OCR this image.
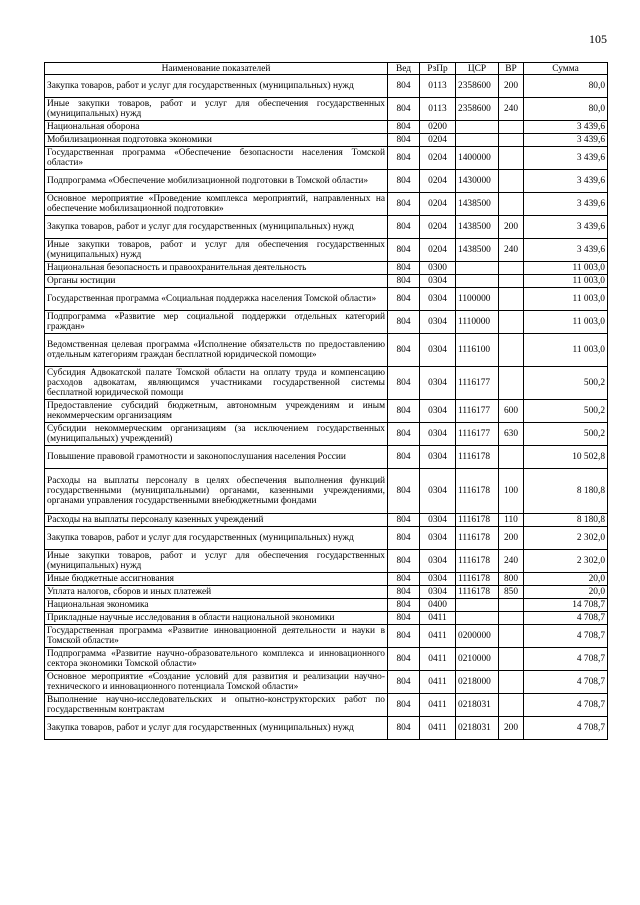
105
Наименование показателей	Вед	РзПр	ЦСР	ВР	Сумма
Закупка товаров, работ и услуг для государственных (муниципальных) нужд	804	0113	2358600	200	80,0
Иные закупки товаров, работ и услуг для обеспечения государственных (муниципальных) нужд	804	0113	2358600	240	80,0
Национальная оборона	804	0200			3 439,6
Мобилизационная подготовка экономики	804	0204			3 439,6
Государственная программа «Обеспечение безопасности населения Томской области»	804	0204	1400000		3 439,6
Подпрограмма «Обеспечение мобилизационной подготовки в Томской области»	804	0204	1430000		3 439,6
Основное мероприятие «Проведение комплекса мероприятий, направленных на обеспечение мобилизационной подготовки»	804	0204	1438500		3 439,6
Закупка товаров, работ и услуг для государственных (муниципальных) нужд	804	0204	1438500	200	3 439,6
Иные закупки товаров, работ и услуг для обеспечения государственных (муниципальных) нужд	804	0204	1438500	240	3 439,6
Национальная безопасность и правоохранительная деятельность	804	0300			11 003,0
Органы юстиции	804	0304			11 003,0
Государственная программа «Социальная поддержка населения Томской области»	804	0304	1100000		11 003,0
Подпрограмма «Развитие мер социальной поддержки отдельных категорий граждан»	804	0304	1110000		11 003,0
Ведомственная целевая программа «Исполнение обязательств по предоставлению отдельным категориям граждан бесплатной юридической помощи»	804	0304	1116100		11 003,0
Субсидия Адвокатской палате Томской области на оплату труда и компенсацию расходов адвокатам, являющимся участниками государственной системы бесплатной юридической помощи	804	0304	1116177		500,2
Предоставление субсидий бюджетным, автономным учреждениям и иным некоммерческим организациям	804	0304	1116177	600	500,2
Субсидии некоммерческим организациям (за исключением государственных (муниципальных) учреждений)	804	0304	1116177	630	500,2
Повышение правовой грамотности и законопослушания населения России	804	0304	1116178		10 502,8
Расходы на выплаты персоналу в целях обеспечения выполнения функций государственными (муниципальными) органами, казенными учреждениями, органами управления государственными внебюджетными фондами	804	0304	1116178	100	8 180,8
Расходы на выплаты персоналу казенных учреждений	804	0304	1116178	110	8 180,8
Закупка товаров, работ и услуг для государственных (муниципальных) нужд	804	0304	1116178	200	2 302,0
Иные закупки товаров, работ и услуг для обеспечения государственных (муниципальных) нужд	804	0304	1116178	240	2 302,0
Иные бюджетные ассигнования	804	0304	1116178	800	20,0
Уплата налогов, сборов и иных платежей	804	0304	1116178	850	20,0
Национальная экономика	804	0400			14 708,7
Прикладные научные исследования в области национальной экономики	804	0411			4 708,7
Государственная программа «Развитие инновационной деятельности и науки в Томской области»	804	0411	0200000		4 708,7
Подпрограмма «Развитие научно-образовательного комплекса и инновационного сектора экономики Томской области»	804	0411	0210000		4 708,7
Основное мероприятие «Создание условий для развития и реализации научно-технического и инновационного потенциала Томской области»	804	0411	0218000		4 708,7
Выполнение научно-исследовательских и опытно-конструкторских работ по государственным контрактам	804	0411	0218031		4 708,7
Закупка товаров, работ и услуг для государственных (муниципальных) нужд	804	0411	0218031	200	4 708,7
